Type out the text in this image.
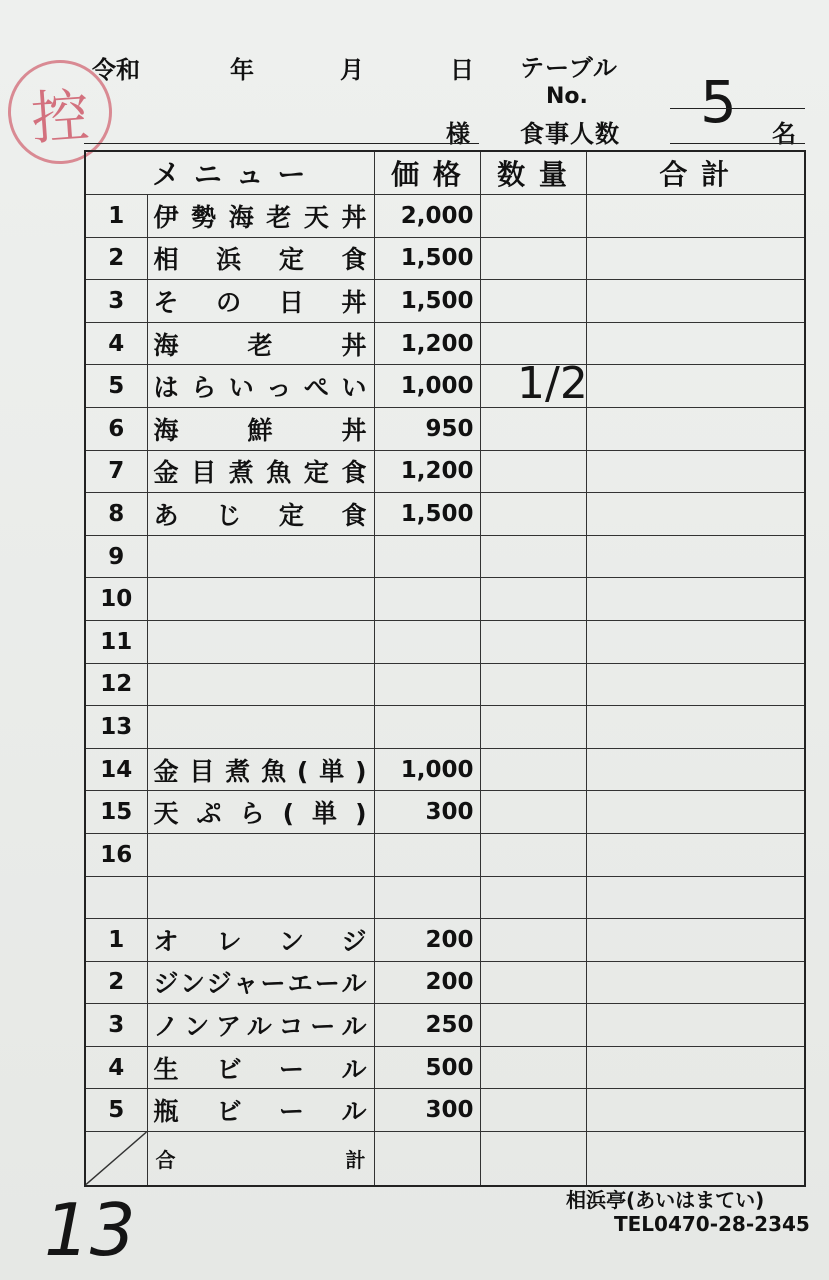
控
令和	年	月	日 テーブル
No.
様 食事人数 5 名
メ ニ ュ ー		価 格	数 量	合 計
1	伊勢海老天丼	2,000		
2	相浜定食	1,500		
3	その日丼	1,500		
4	海老丼	1,200		
5	はらいっぺい	1,000		
6	海鮮丼	950		
7	金目煮魚定食	1,200		
8	あじ定食	1,500		
9	

10	

11	

12	

13	

14	金目煮魚(単)	1,000		
15	天ぷら(単)	300		
16	

1	オレンジ	200		
2	ジンジャーエール	200		
3	ノンアルコール	250		
4	生ビール	500		
5	瓶ビール	300		

合 計			

1/2
相浜亭(あいはまてい)
TEL0470-28-2345
13
